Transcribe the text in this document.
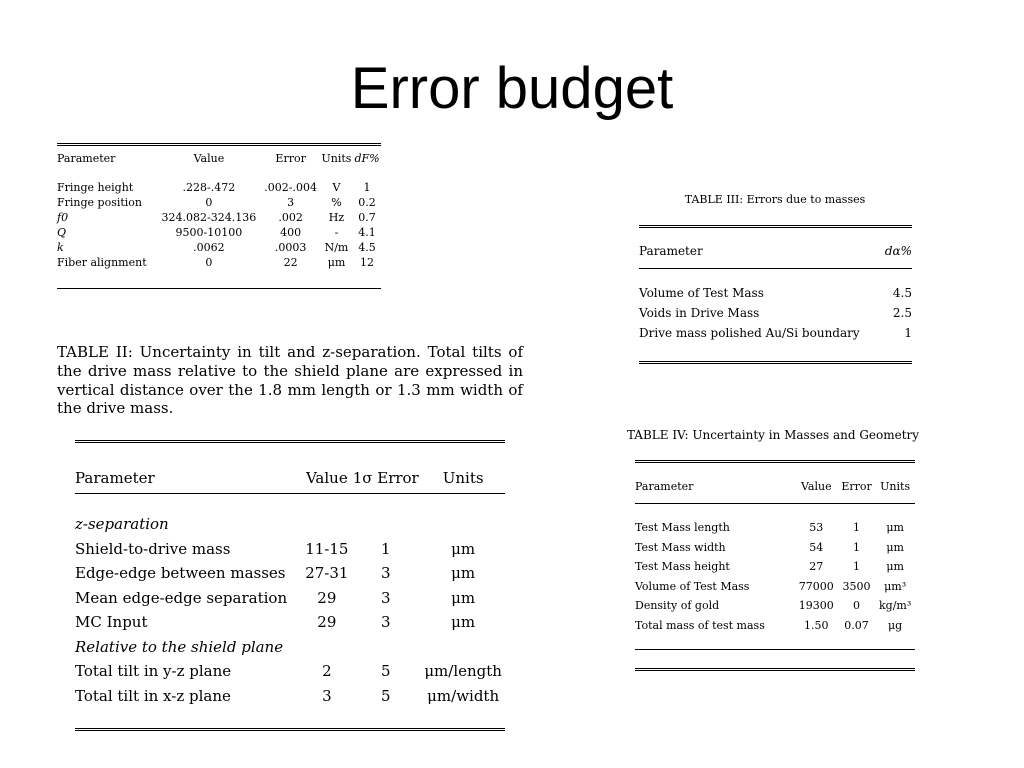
Error budget
Parameter	Value	Error	Units	dF%

Fringe height	.228-.472	.002-.004	V	1
Fringe position	0	3	%	0.2
f0	324.082-324.136	.002	Hz	0.7
Q	9500-10100	400	-	4.1
k	.0062	.0003	N/m	4.5
Fiber alignment	0	22	μm	12
TABLE II: Uncertainty in tilt and z-separation. Total tilts of the drive mass relative to the shield plane are expressed in vertical distance over the 1.8 mm length or 1.3 mm width of the drive mass.
Parameter	Value	1σ Error	Units

z-separation			
Shield-to-drive mass	11-15	1	μm
Edge-edge between masses	27-31	3	μm
Mean edge-edge separation	29	3	μm
MC Input	29	3	μm
Relative to the shield plane			
Total tilt in y-z plane	2	5	μm/length
Total tilt in x-z plane	3	5	μm/width
TABLE III: Errors due to masses
Parameter	dα%

Volume of Test Mass	4.5
Voids in Drive Mass	2.5
Drive mass polished Au/Si boundary	1
TABLE IV: Uncertainty in Masses and Geometry
Parameter	Value	Error	Units

Test Mass length	53	1	μm
Test Mass width	54	1	μm
Test Mass height	27	1	μm
Volume of Test Mass	77000	3500	μm³
Density of gold	19300	0	kg/m³
Total mass of test mass	1.50	0.07	μg
